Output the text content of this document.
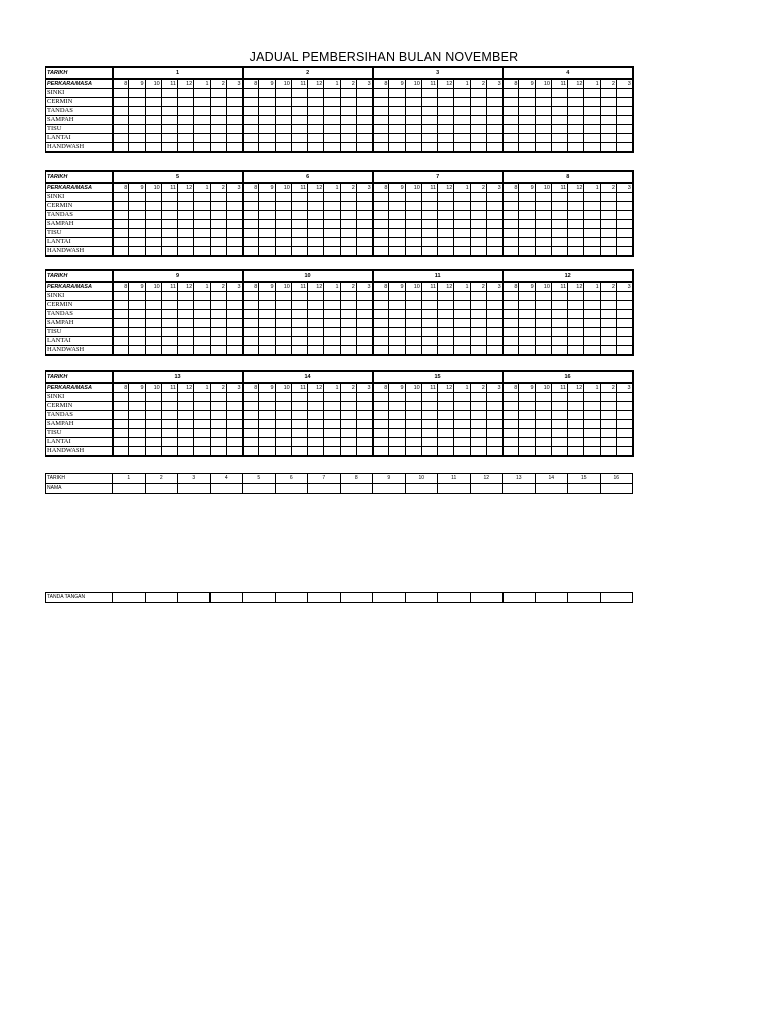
JADUAL PEMBERSIHAN BULAN NOVEMBER
TARIKH	1								2								3								4							
PERKARA/MASA	8	9	10	11	12	1	2	3	8	9	10	11	12	1	2	3	8	9	10	11	12	1	2	3	8	9	10	11	12	1	2	3
SINKI																																
CERMIN																																
TANDAS																																
SAMPAH																																
TISU																																
LANTAI																																
HANDWASH																																
TARIKH	5								6								7								8							
PERKARA/MASA	8	9	10	11	12	1	2	3	8	9	10	11	12	1	2	3	8	9	10	11	12	1	2	3	8	9	10	11	12	1	2	3
SINKI																																
CERMIN																																
TANDAS																																
SAMPAH																																
TISU																																
LANTAI																																
HANDWASH																																
TARIKH	9								10								11								12							
PERKARA/MASA	8	9	10	11	12	1	2	3	8	9	10	11	12	1	2	3	8	9	10	11	12	1	2	3	8	9	10	11	12	1	2	3
SINKI																																
CERMIN																																
TANDAS																																
SAMPAH																																
TISU																																
LANTAI																																
HANDWASH																																
TARIKH	13								14								15								16							
PERKARA/MASA	8	9	10	11	12	1	2	3	8	9	10	11	12	1	2	3	8	9	10	11	12	1	2	3	8	9	10	11	12	1	2	3
SINKI																																
CERMIN																																
TANDAS																																
SAMPAH																																
TISU																																
LANTAI																																
HANDWASH																																
TARIKH	1	2	3	4	5	6	7	8	9	10	11	12	13	14	15	16
NAMA																
TANDA TANGAN																
